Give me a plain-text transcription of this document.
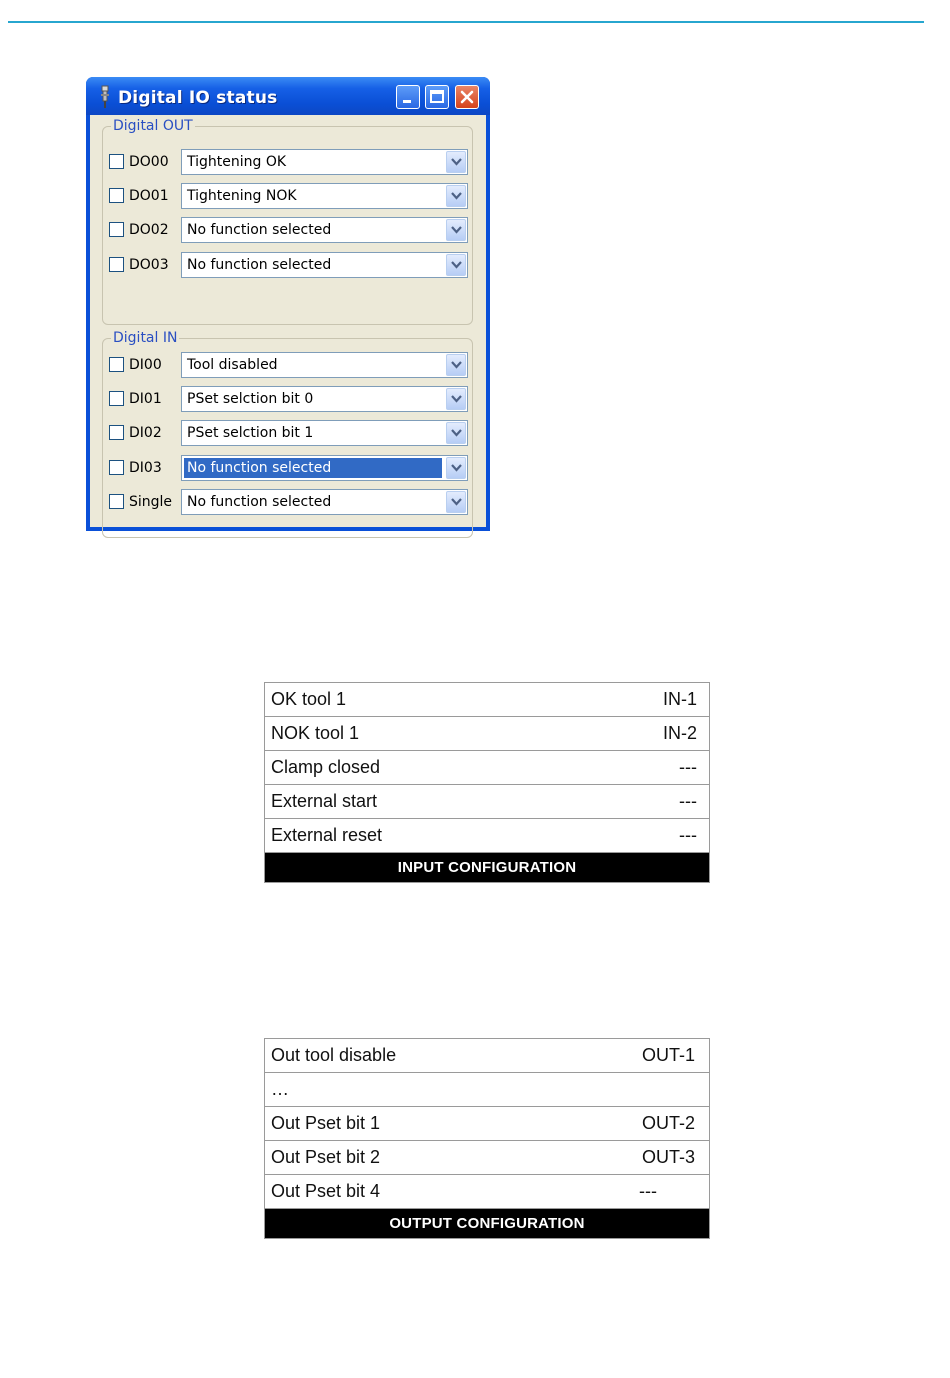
Digital IO status
Digital OUT
DO00 Tightening OK
DO01 Tightening NOK
DO02 No function selected
DO03 No function selected
Digital IN
DI00 Tool disabled
DI01 PSet selction bit 0
DI02 PSet selction bit 1
DI03 No function selected
Single No function selected
OK tool 1	IN-1
NOK tool 1	IN-2
Clamp closed	---
External start	---
External reset	---
INPUT CONFIGURATION
Out tool disable	OUT-1
…
Out Pset bit 1	OUT-2
Out Pset bit 2	OUT-3
Out Pset bit 4	---
OUTPUT CONFIGURATION
